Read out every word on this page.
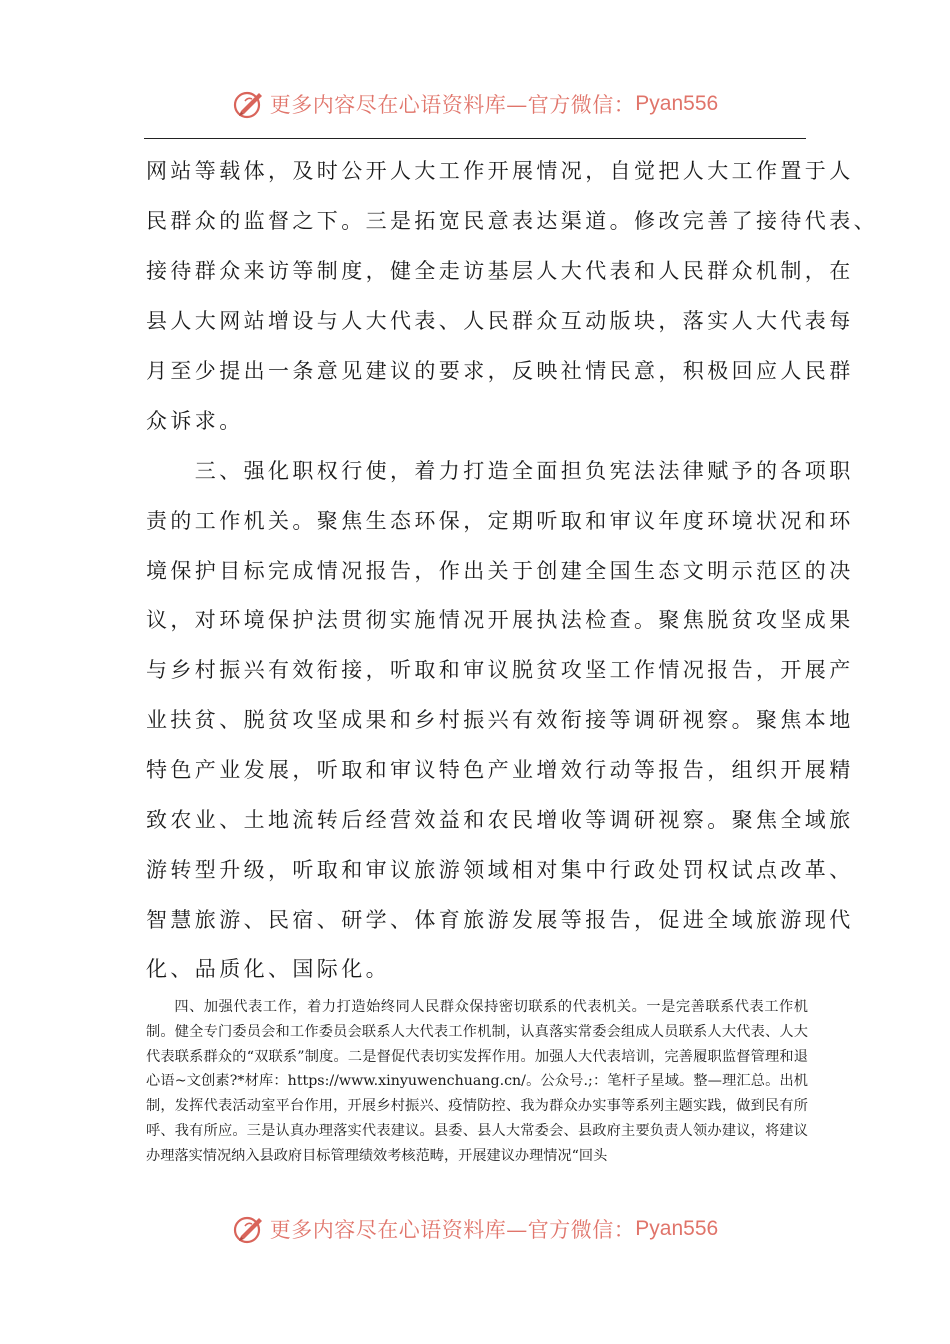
更多内容尽在心语资料库—官方微信： Pyan556
网站等载体，及时公开人大工作开展情况，自觉把人大工作置于人
民群众的监督之下。三是拓宽民意表达渠道。修改完善了接待代表、
接待群众来访等制度，健全走访基层人大代表和人民群众机制，在
县人大网站增设与人大代表、人民群众互动版块，落实人大代表每
月至少提出一条意见建议的要求，反映社情民意，积极回应人民群
众诉求。
　　三、强化职权行使，着力打造全面担负宪法法律赋予的各项职
责的工作机关。聚焦生态环保，定期听取和审议年度环境状况和环
境保护目标完成情况报告，作出关于创建全国生态文明示范区的决
议，对环境保护法贯彻实施情况开展执法检查。聚焦脱贫攻坚成果
与乡村振兴有效衔接，听取和审议脱贫攻坚工作情况报告，开展产
业扶贫、脱贫攻坚成果和乡村振兴有效衔接等调研视察。聚焦本地
特色产业发展，听取和审议特色产业增效行动等报告，组织开展精
致农业、土地流转后经营效益和农民增收等调研视察。聚焦全域旅
游转型升级，听取和审议旅游领域相对集中行政处罚权试点改革、
智慧旅游、民宿、研学、体育旅游发展等报告，促进全域旅游现代
化、品质化、国际化。

四、加强代表工作，着力打造始终同人民群众保持密切联系的代表机关。一是完善联系代表工作机制。健全专门委员会和工作委员会联系人大代表工作机制，认真落实常委会组成人员联系人大代表、人大代表联系群众的“双联系”制度。二是督促代表切实发挥作用。加强人大代表培训，完善履职监督管理和退心语~文创素?*材库：https://www.xinyuwenchuang.cn/。公众号.;：笔杆子星域。整—理汇总。出机制，发挥代表活动室平台作用，开展乡村振兴、疫情防控、我为群众办实事等系列主题实践，做到民有所呼、我有所应。三是认真办理落实代表建议。县委、县人大常委会、县政府主要负责人领办建议，将建议办理落实情况纳入县政府目标管理绩效考核范畴，开展建议办理情况“回头

更多内容尽在心语资料库—官方微信： Pyan556
